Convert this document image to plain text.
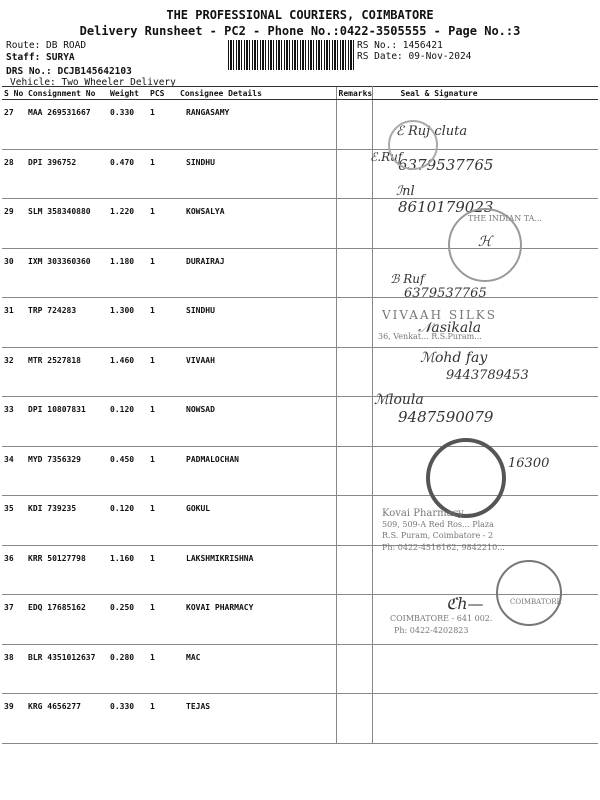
THE PROFESSIONAL COURIERS, COIMBATORE
Delivery Runsheet - PC2 - Phone No.:0422-3505555 - Page No.:3
Route: DB ROAD
Staff: SURYA
DRS No.: DCJB145642103
Vehicle: Two Wheeler Delivery
RS No.: 1456421
RS Date: 09-Nov-2024
S No	Consignment No	Weight	PCS	Consignee Details	Remarks	Seal & Signature
27	MAA 269531667	0.330	1	RANGASAMY		
28	DPI 396752	0.470	1	SINDHU		
29	SLM 358340880	1.220	1	KOWSALYA		
30	IXM 303360360	1.180	1	DURAIRAJ		
31	TRP 724283	1.300	1	SINDHU		
32	MTR 2527818	1.460	1	VIVAAH		
33	DPI 10807831	0.120	1	NOWSAD		
34	MYD 7356329	0.450	1	PADMALOCHAN		
35	KDI 739235	0.120	1	GOKUL		
36	KRR 50127798	1.160	1	LAKSHMIKRISHNA		
37	EDQ 17685162	0.250	1	KOVAI PHARMACY		
38	BLR 4351012637	0.280	1	MAC		
39	KRG 4656277	0.330	1	TEJAS		
ℰ Ruj cluta
ℰ.Ruf
6379537765
ℐnl
8610179023
ℋ
ℬ Ruf
6379537765
𝒩asikala
ℳohd fay
9443789453
ℳloula
9487590079
16300
ℭh—
THE INDIAN TA...
VIVAAH SILKS
36, Venkat... R.S.Puram...
Kovai Pharmacy
509, 509-A Red Ros... Plaza
R.S. Puram, Coimbatore - 2
Ph: 0422-4516162, 9842210...
COIMBATORE
COIMBATORE - 641 002.
Ph: 0422-4202823
